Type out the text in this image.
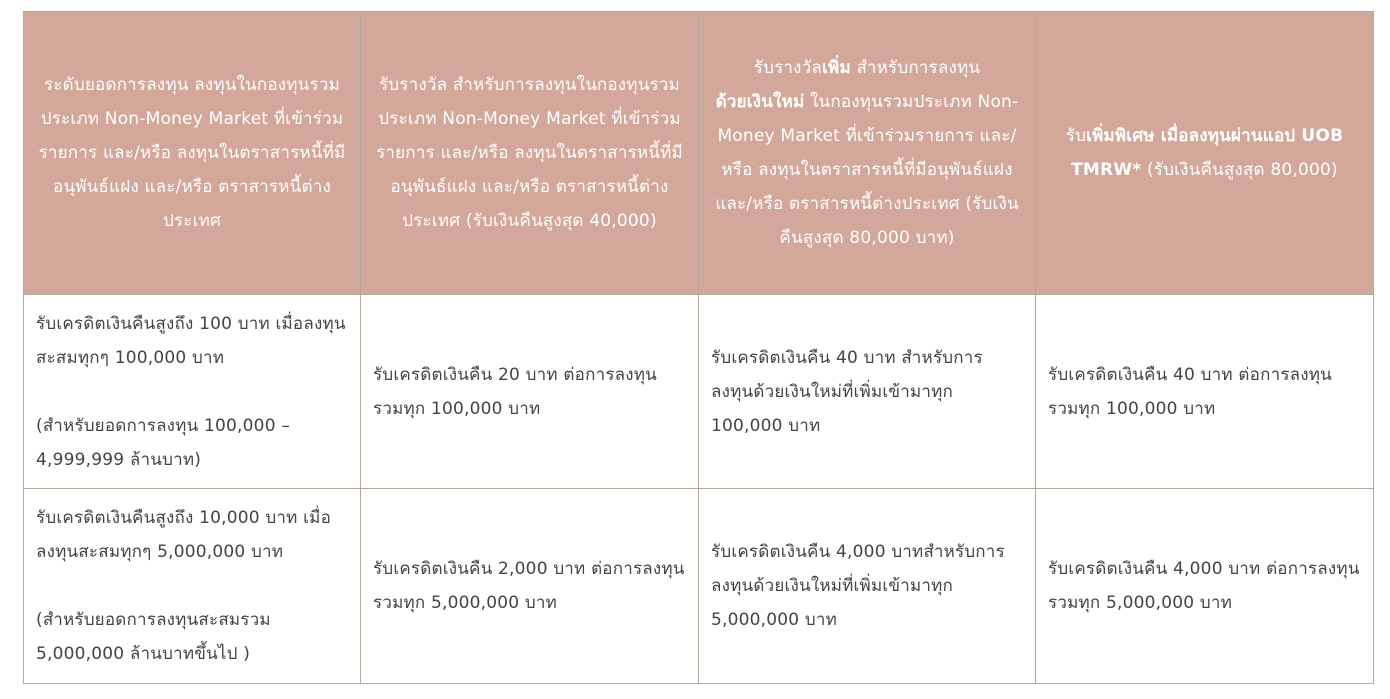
ระดับยอดการลงทุน ลงทุนในกองทุนรวมประเภท Non-Money Market ที่เข้าร่วมรายการ และ/หรือ ลงทุนในตราสารหนี้ที่มีอนุพันธ์แฝง และ/หรือ ตราสารหนี้ต่างประเทศ	รับรางวัล สำหรับการลงทุนในกองทุนรวมประเภท Non-Money Market ที่เข้าร่วมรายการ และ/หรือ ลงทุนในตราสารหนี้ที่มีอนุพันธ์แฝง และ/หรือ ตราสารหนี้ต่างประเทศ (รับเงินคืนสูงสุด 40,000)	รับรางวัลเพิ่ม สำหรับการลงทุน
ด้วยเงินใหม่ ในกองทุนรวมประเภท Non-Money Market ที่เข้าร่วมรายการ และ/หรือ ลงทุนในตราสารหนี้ที่มีอนุพันธ์แฝง และ/หรือ ตราสารหนี้ต่างประเทศ (รับเงินคืนสูงสุด 80,000 บาท)	รับเพิ่มพิเศษ เมื่อลงทุนผ่านแอป UOB TMRW* (รับเงินคืนสูงสุด 80,000)

รับเครดิตเงินคืนสูงถึง 100 บาท เมื่อลงทุนสะสมทุกๆ 100,000 บาท
(สำหรับยอดการลงทุน 100,000 – 4,999,999 ล้านบาท)	รับเครดิตเงินคืน 20 บาท ต่อการลงทุนรวมทุก 100,000 บาท	รับเครดิตเงินคืน 40 บาท สำหรับการลงทุนด้วยเงินใหม่ที่เพิ่มเข้ามาทุก 100,000 บาท	รับเครดิตเงินคืน 40 บาท ต่อการลงทุนรวมทุก 100,000 บาท

รับเครดิตเงินคืนสูงถึง 10,000 บาท เมื่อลงทุนสะสมทุกๆ 5,000,000 บาท
(สำหรับยอดการลงทุนสะสมรวม 5,000,000 ล้านบาทขึ้นไป )	รับเครดิตเงินคืน 2,000 บาท ต่อการลงทุนรวมทุก 5,000,000 บาท	รับเครดิตเงินคืน 4,000 บาทสำหรับการลงทุนด้วยเงินใหม่ที่เพิ่มเข้ามาทุก 5,000,000 บาท	รับเครดิตเงินคืน 4,000 บาท ต่อการลงทุนรวมทุก 5,000,000 บาท
